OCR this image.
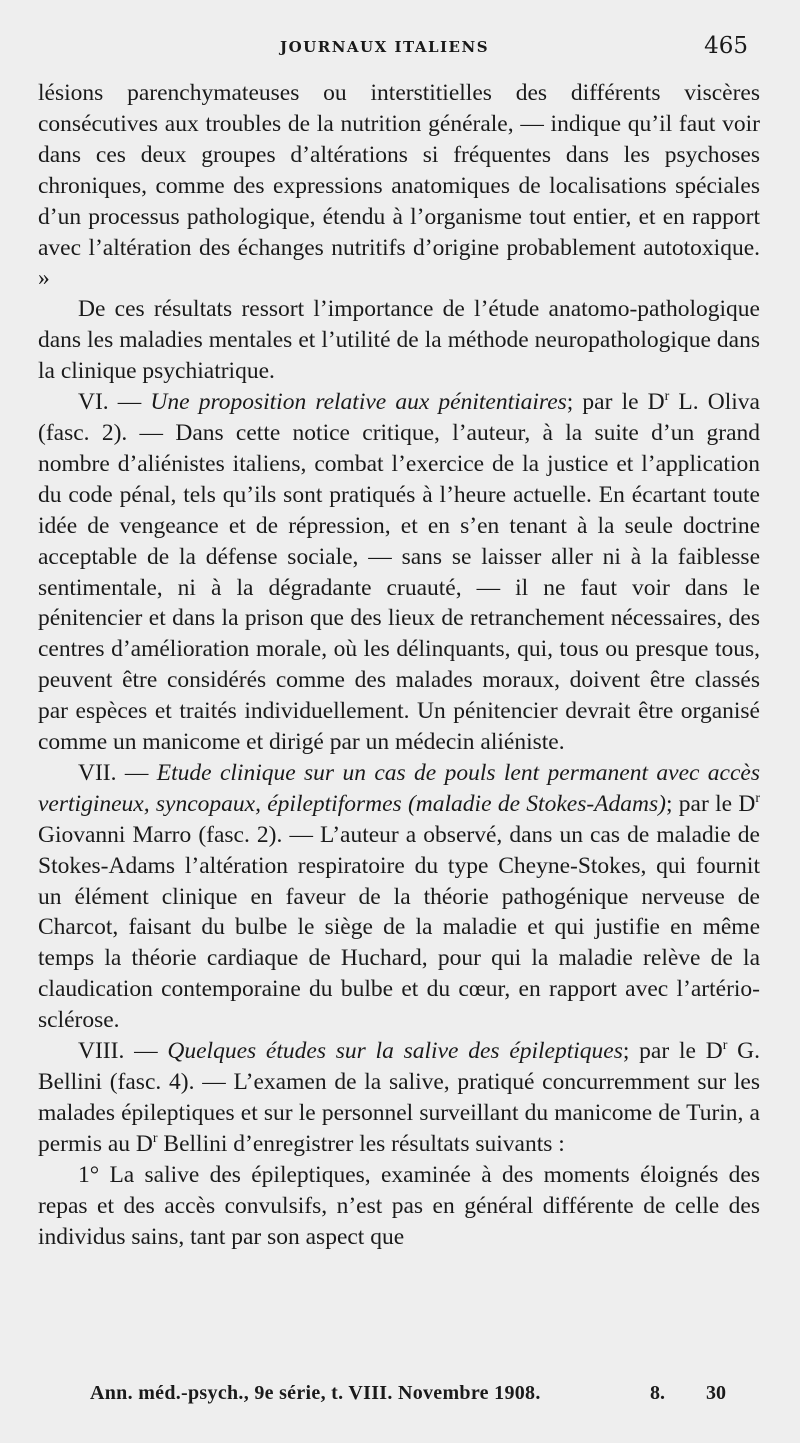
JOURNAUX ITALIENS	465

lésions parenchymateuses ou interstitielles des différents viscères consécutives aux troubles de la nutrition générale, — indique qu’il faut voir dans ces deux groupes d’altérations si fréquentes dans les psychoses chroniques, comme des expressions anatomiques de localisations spéciales d’un processus pathologique, étendu à l’organisme tout entier, et en rapport avec l’altération des échanges nutritifs d’origine probablement autotoxique. »

De ces résultats ressort l’importance de l’étude anatomo-pathologique dans les maladies mentales et l’utilité de la méthode neuropathologique dans la clinique psychiatrique.

VI. — Une proposition relative aux pénitentiaires; par le $D^r$ L. Oliva (fasc. 2). — Dans cette notice critique, l’auteur, à la suite d’un grand nombre d’aliénistes italiens, combat l’exercice de la justice et l’application du code pénal, tels qu’ils sont pratiqués à l’heure actuelle. En écartant toute idée de vengeance et de répression, et en s’en tenant à la seule doctrine acceptable de la défense sociale, — sans se laisser aller ni à la faiblesse sentimentale, ni à la dégradante cruauté, — il ne faut voir dans le pénitencier et dans la prison que des lieux de retranchement nécessaires, des centres d’amélioration morale, où les délinquants, qui, tous ou presque tous, peuvent être considérés comme des malades moraux, doivent être classés par espèces et traités individuellement. Un pénitencier devrait être organisé comme un manicome et dirigé par un médecin aliéniste.

VII. — Etude clinique sur un cas de pouls lent permanent avec accès vertigineux, syncopaux, épileptiformes (maladie de Stokes-Adams); par le $D^r$ Giovanni Marro (fasc. 2). — L’auteur a observé, dans un cas de maladie de Stokes-Adams l’altération respiratoire du type Cheyne-Stokes, qui fournit un élément clinique en faveur de la théorie pathogénique nerveuse de Charcot, faisant du bulbe le siège de la maladie et qui justifie en même temps la théorie cardiaque de Huchard, pour qui la maladie relève de la claudication contemporaine du bulbe et du cœur, en rapport avec l’artério-sclérose.

VIII. — Quelques études sur la salive des épileptiques; par le $D^r$ G. Bellini (fasc. 4). — L’examen de la salive, pratiqué concurremment sur les malades épileptiques et sur le personnel surveillant du manicome de Turin, a permis au $D^r$ Bellini d’enregistrer les résultats suivants :

1° La salive des épileptiques, examinée à des moments éloignés des repas et des accès convulsifs, n’est pas en général différente de celle des individus sains, tant par son aspect que

Ann. méd.-psych., 9e série, t. VIII. Novembre 1908.	8. 30
